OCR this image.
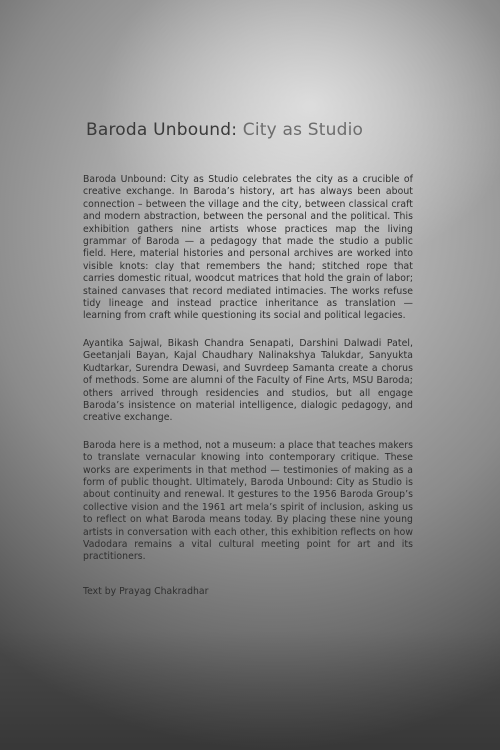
Baroda Unbound: City as Studio

Baroda Unbound: City as Studio celebrates the city as a crucible of creative exchange. In Baroda’s history, art has always been about connection – between the village and the city, between classical craft and modern abstraction, between the personal and the political. This exhibition gathers nine artists whose practices map the living grammar of Baroda — a pedagogy that made the studio a public field. Here, material histories and personal archives are worked into visible knots: clay that remembers the hand; stitched rope that carries domestic ritual, woodcut matrices that hold the grain of labor; stained canvases that record mediated intimacies. The works refuse tidy lineage and instead practice inheritance as translation — learning from craft while questioning its social and political legacies.

Ayantika Sajwal, Bikash Chandra Senapati, Darshini Dalwadi Patel, Geetanjali Bayan, Kajal Chaudhary Nalinakshya Talukdar, Sanyukta Kudtarkar, Surendra Dewasi, and Suvrdeep Samanta create a chorus of methods. Some are alumni of the Faculty of Fine Arts, MSU Baroda; others arrived through residencies and studios, but all engage Baroda’s insistence on material intelligence, dialogic pedagogy, and creative exchange.

Baroda here is a method, not a museum: a place that teaches makers to translate vernacular knowing into contemporary critique. These works are experiments in that method — testimonies of making as a form of public thought. Ultimately, Baroda Unbound: City as Studio is about continuity and renewal. It gestures to the 1956 Baroda Group’s collective vision and the 1961 art mela’s spirit of inclusion, asking us to reflect on what Baroda means today. By placing these nine young artists in conversation with each other, this exhibition reflects on how Vadodara remains a vital cultural meeting point for art and its practitioners.

Text by Prayag Chakradhar
